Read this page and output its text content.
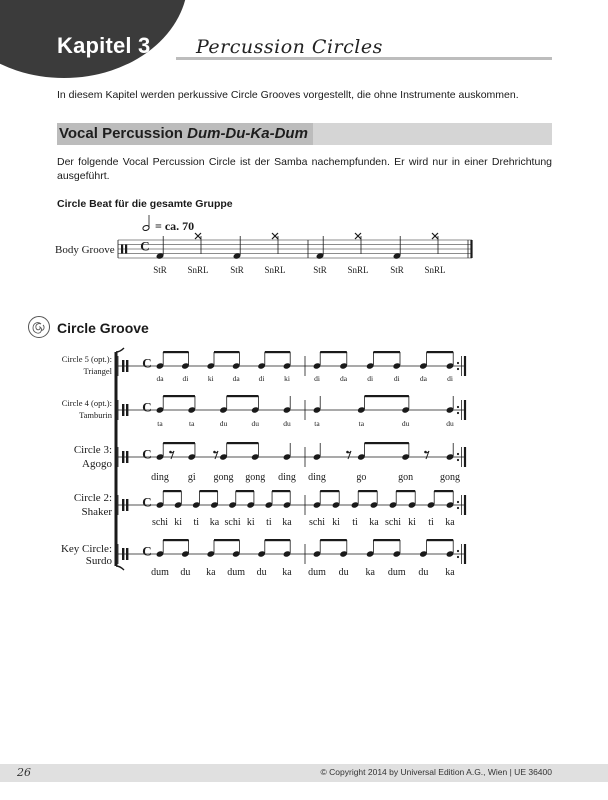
Kapitel 3 Percussion Circles
In diesem Kapitel werden perkussive Circle Grooves vorgestellt, die ohne Instrumente auskommen.
Vocal Percussion Dum-Du-Ka-Dum
Der folgende Vocal Percussion Circle ist der Samba nachempfunden. Er wird nur in einer Drehrichtung ausgeführt.
Circle Beat für die gesamte Gruppe
Circle Groove
C
= ca. 70
Body Groove
StR SnRL StR SnRL	StR SnRL StR SnRL
C
Circle 5 (opt.):
Triangel
da	di	ki	da	di	ki	di	da	di	di	da	di
C
Circle 4 (opt.):
Tamburin
ta	ta	du	du	du	ta	ta	du	du
C
Circle 3:
Agogo
ding gi gong gong ding ding	go	gon	gong
C
Circle 2:
Shaker
schi ki ti ka schi ki ti ka schi ki ti ka schi ki ti ka
C
Key Circle:
Surdo
dum du ka dum du ka dum du ka dum du ka
26	© Copyright 2014 by Universal Edition A.G., Wien | UE 36400
